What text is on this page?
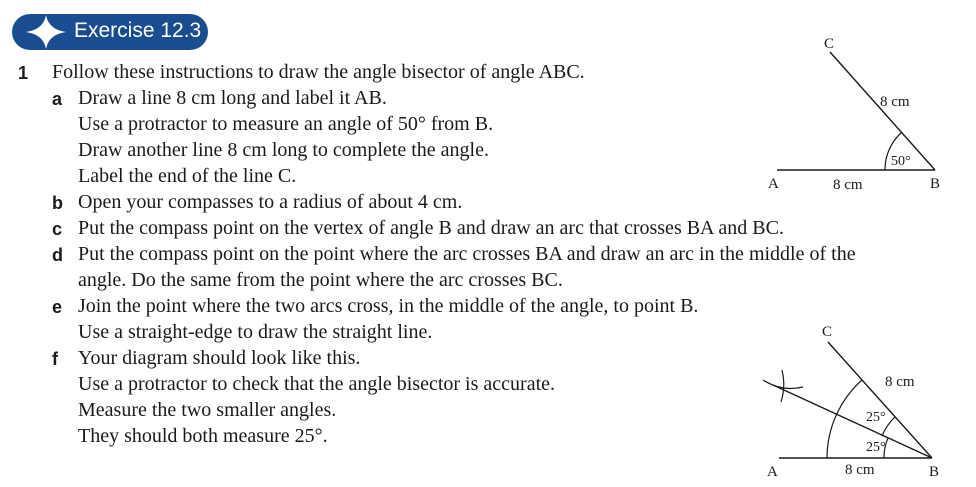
Exercise 12.3
1 Follow these instructions to draw the angle bisector of angle ABC.
a Draw a line 8 cm long and label it AB.
Use a protractor to measure an angle of 50° from B.
Draw another line 8 cm long to complete the angle.
Label the end of the line C.
b Open your compasses to a radius of about 4 cm.
c Put the compass point on the vertex of angle B and draw an arc that crosses BA and BC.
d Put the compass point on the point where the arc crosses BA and draw an arc in the middle of the
angle. Do the same from the point where the arc crosses BC.
e Join the point where the two arcs cross, in the middle of the angle, to point B.
Use a straight-edge to draw the straight line.
f Your diagram should look like this.
Use a protractor to check that the angle bisector is accurate.
Measure the two smaller angles.
They should both measure 25°.
C
A	B
8 cm
8 cm
50°
C
A	B
8 cm
8 cm
25°
25°
